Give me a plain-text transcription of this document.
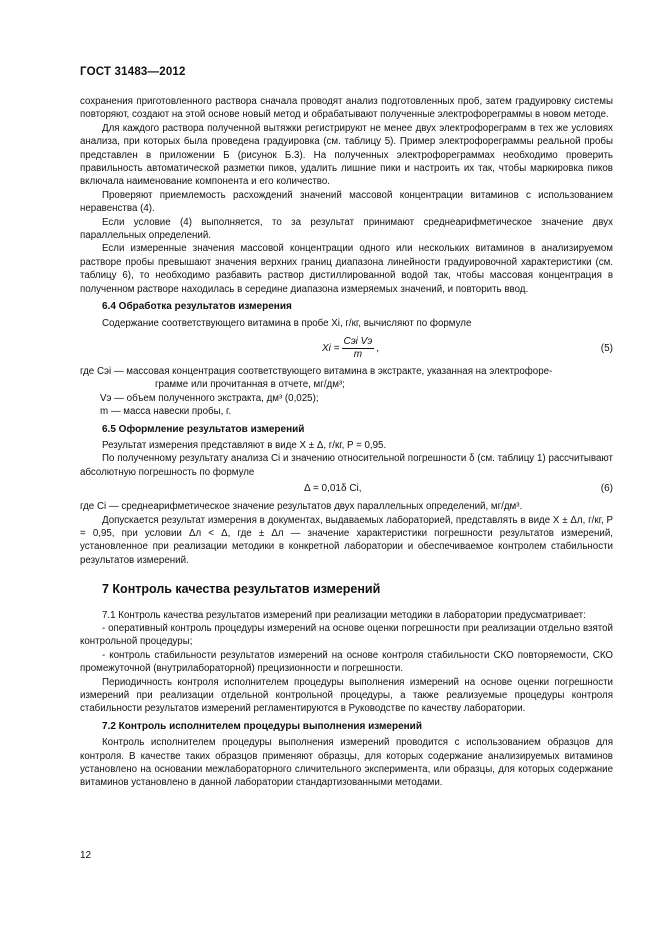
ГОСТ 31483—2012

сохранения приготовленного раствора сначала проводят анализ подготовленных проб, затем градуировку системы повторяют, создают на этой основе новый метод и обрабатывают полученные электрофореграммы в новом методе.

Для каждого раствора полученной вытяжки регистрируют не менее двух электрофореграмм в тех же условиях анализа, при которых была проведена градуировка (см. таблицу 5). Пример электрофореграммы реальной пробы представлен в приложении Б (рисунок Б.3). На полученных электрофореграммах необходимо проверить правильность автоматической разметки пиков, удалить лишние пики и настроить их так, чтобы маркировка пиков включала наименование компонента и его количество.

Проверяют приемлемость расхождений значений массовой концентрации витаминов с использованием неравенства (4).

Если условие (4) выполняется, то за результат принимают среднеарифметическое значение двух параллельных определений.

Если измеренные значения массовой концентрации одного или нескольких витаминов в анализируемом растворе пробы превышают значения верхних границ диапазона линейности градуировочной характеристики (см. таблицу 6), то необходимо разбавить раствор дистиллированной водой так, чтобы массовая концентрация в полученном растворе находилась в середине диапазона измеряемых значений, и повторить ввод.

6.4 Обработка результатов измерения

Содержание соответствующего витамина в пробе Xi, г/кг, вычисляют по формуле

$Xi = \frac{\text{Cэi Vэ}}{m}$ ,	(5)

где Cэi — массовая концентрация соответствующего витамина в экстракте, указанная на электрофоре-
грамме или прочитанная в отчете, мг/дм³;

Vэ — объем полученного экстракта, дм³ (0,025);

m — масса навески пробы, г.

6.5 Оформление результатов измерений

Результат измерения представляют в виде X ± Δ, г/кг, P = 0,95.

По полученному результату анализа Ci и значению относительной погрешности δ (см. таблицу 1) рассчитывают абсолютную погрешность по формуле

Δ = 0,01δ Ci,	(6)

где Ci — среднеарифметическое значение результатов двух параллельных определений, мг/дм³.

Допускается результат измерения в документах, выдаваемых лабораторией, представлять в виде X ± Δл, г/кг, P = 0,95, при условии Δл < Δ, где ± Δл — значение характеристики погрешности результатов измерений, установленное при реализации методики в конкретной лаборатории и обеспечиваемое контролем стабильности результатов измерений.

7 Контроль качества результатов измерений

7.1 Контроль качества результатов измерений при реализации методики в лаборатории предусматривает:

- оперативный контроль процедуры измерений на основе оценки погрешности при реализации отдельно взятой контрольной процедуры;

- контроль стабильности результатов измерений на основе контроля стабильности СКО повторяемости, СКО промежуточной (внутрилабораторной) прецизионности и погрешности.

Периодичность контроля исполнителем процедуры выполнения измерений на основе оценки погрешности измерений при реализации отдельной контрольной процедуры, а также реализуемые процедуры контроля стабильности результатов измерений регламентируются в Руководстве по качеству лаборатории.

7.2 Контроль исполнителем процедуры выполнения измерений

Контроль исполнителем процедуры выполнения измерений проводится с использованием образцов для контроля. В качестве таких образцов применяют образцы, для которых содержание анализируемых витаминов установлено на основании межлабораторного сличительного эксперимента, или образцы, для которых содержание витаминов установлено в данной лаборатории стандартизованными методами.

12
